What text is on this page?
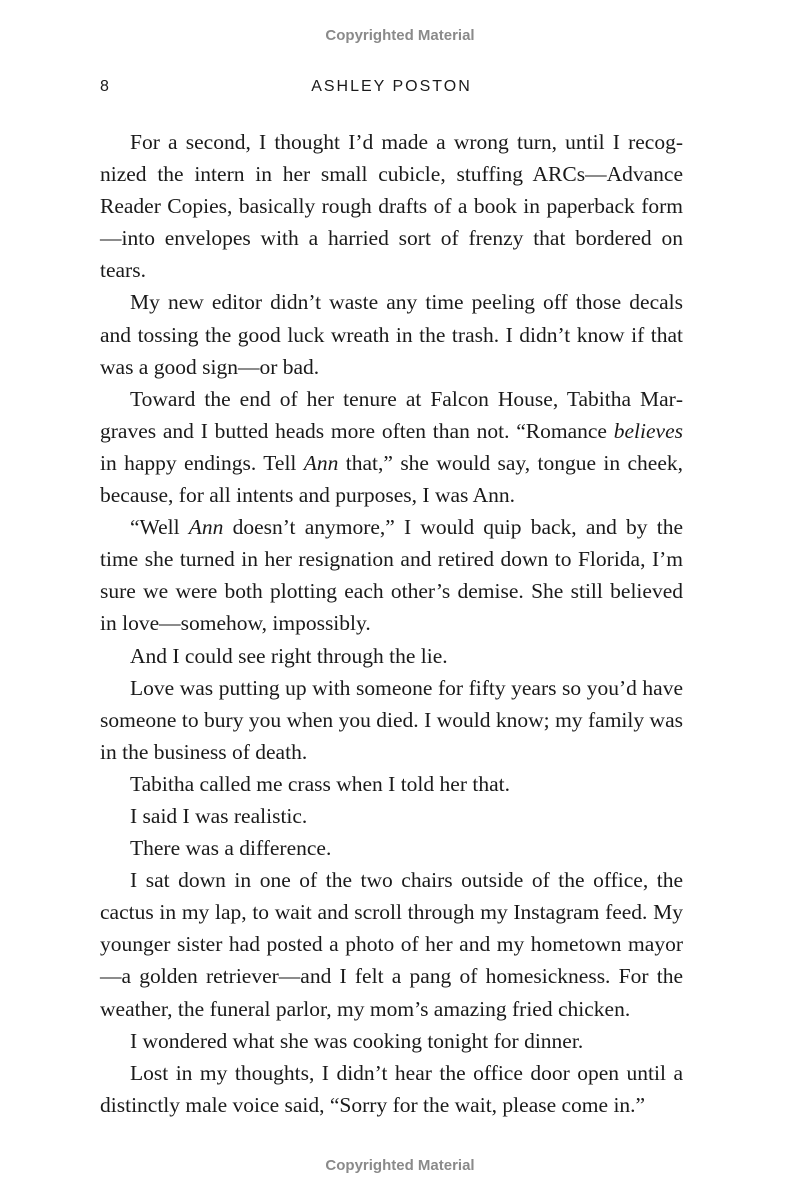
Copyrighted Material
8	ASHLEY POSTON

For a second, I thought I’d made a wrong turn, until I recognized the intern in her small cubicle, stuffing ARCs—Advance Reader Copies, basically rough drafts of a book in paperback form—into envelopes with a harried sort of frenzy that bordered on tears.

My new editor didn’t waste any time peeling off those decals and tossing the good luck wreath in the trash. I didn’t know if that was a good sign—or bad.

Toward the end of her tenure at Falcon House, Tabitha Margraves and I butted heads more often than not. “Romance believes in happy endings. Tell Ann that,” she would say, tongue in cheek, because, for all intents and purposes, I was Ann.

“Well Ann doesn’t anymore,” I would quip back, and by the time she turned in her resignation and retired down to Florida, I’m sure we were both plotting each other’s demise. She still believed in love—somehow, impossibly.

And I could see right through the lie.

Love was putting up with someone for fifty years so you’d have someone to bury you when you died. I would know; my family was in the business of death.

Tabitha called me crass when I told her that.

I said I was realistic.

There was a difference.

I sat down in one of the two chairs outside of the office, the cactus in my lap, to wait and scroll through my Instagram feed. My younger sister had posted a photo of her and my hometown mayor—a golden retriever—and I felt a pang of homesickness. For the weather, the funeral parlor, my mom’s amazing fried chicken.

I wondered what she was cooking tonight for dinner.

Lost in my thoughts, I didn’t hear the office door open until a distinctly male voice said, “Sorry for the wait, please come in.”

Copyrighted Material
